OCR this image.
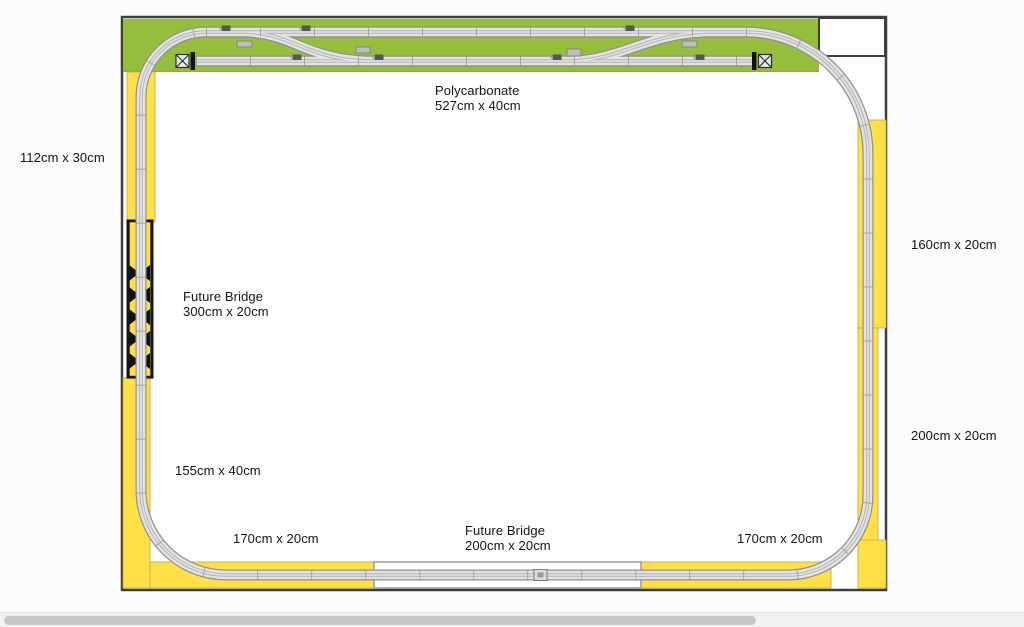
112cm x 30cm
Polycarbonate
527cm x 40cm
Future Bridge
300cm x 20cm
160cm x 20cm
200cm x 20cm
155cm x 40cm
170cm x 20cm
Future Bridge
200cm x 20cm	170cm x 20cm
